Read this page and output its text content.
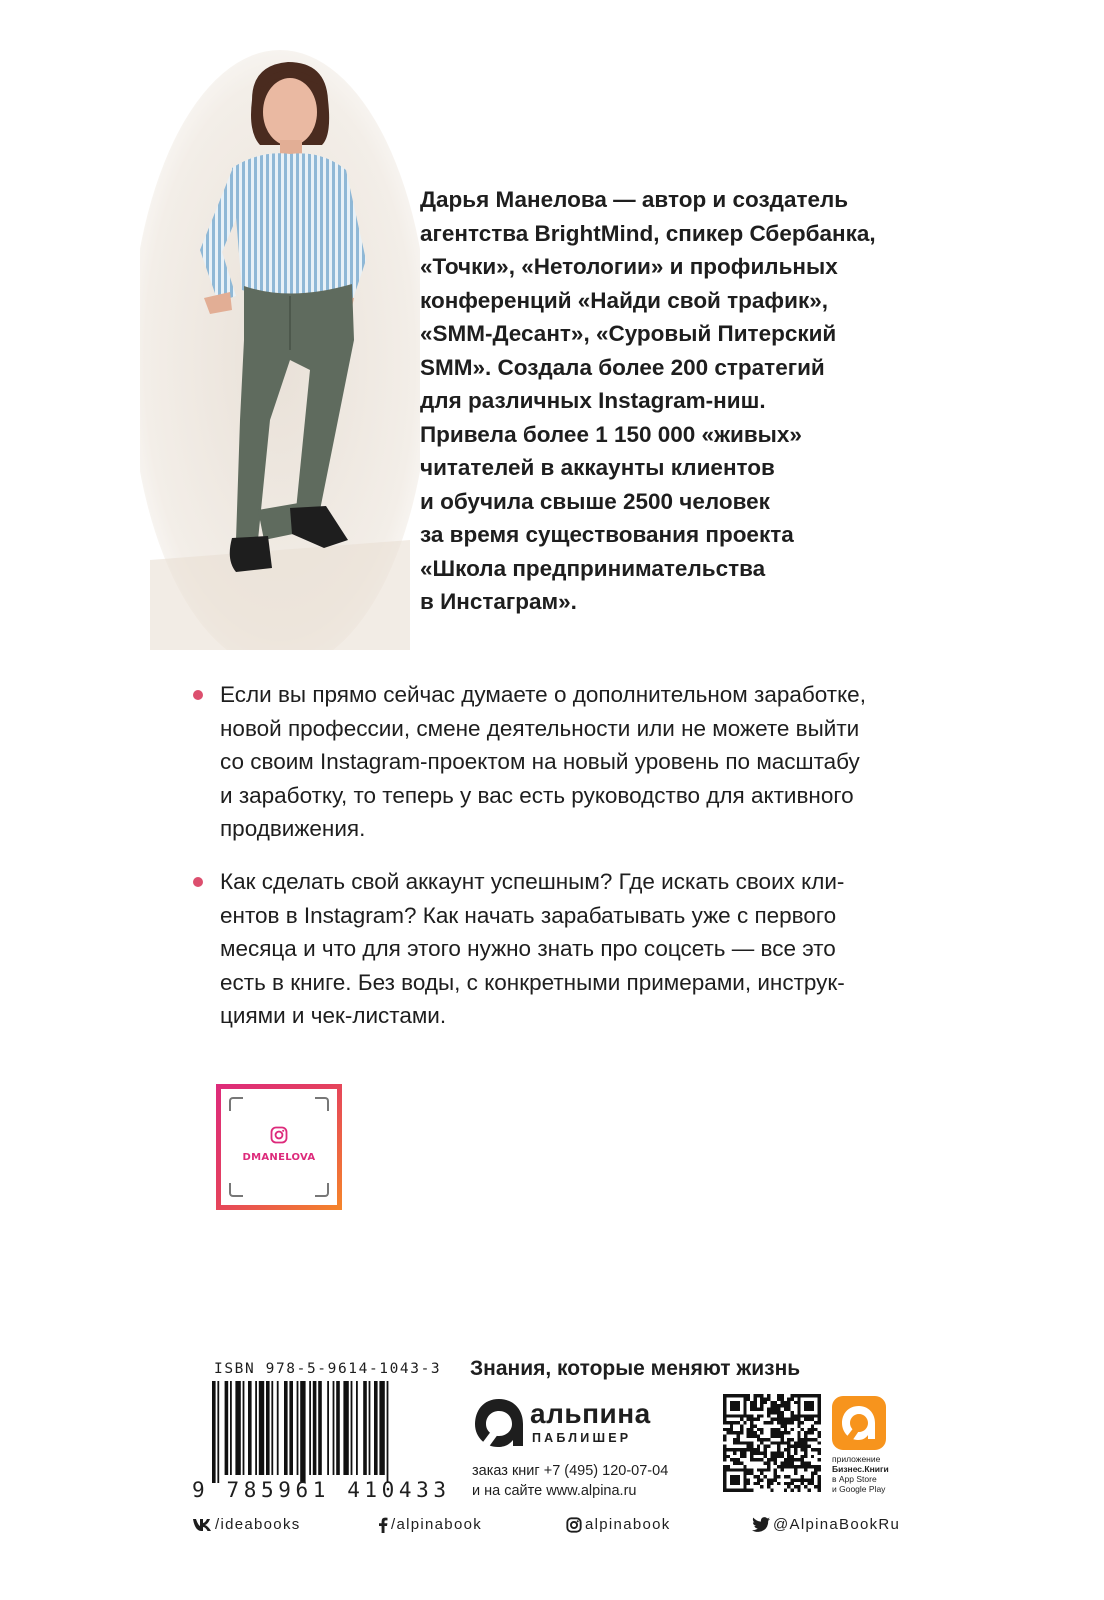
Дарья Манелова — автор и создатель
агентства BrightMind, спикер Сбербанка,
«Точки», «Нетологии» и профильных
конференций «Найди свой трафик»,
«SMM-Десант», «Суровый Питерский
SMM». Создала более 200 стратегий
для различных Instagram-ниш.
Привела более 1 150 000 «живых»
читателей в аккаунты клиентов
и обучила свыше 2500 человек
за время существования проекта
«Школа предпринимательства
в Инстаграм».

Если вы прямо сейчас думаете о дополнительном заработке,
новой профессии, смене деятельности или не можете выйти
со своим Instagram-проектом на новый уровень по масштабу
и заработку, то теперь у вас есть руководство для активного
продвижения.

Как сделать свой аккаунт успешным? Где искать своих кли-
ентов в Instagram? Как начать зарабатывать уже с первого
месяца и что для этого нужно знать про соцсеть — все это
есть в книге. Без воды, с конкретными примерами, инструк-
циями и чек-листами.

DMANELOVA
ISBN 978-5-9614-1043-3
9 785961 410433
Знания, которые меняют жизнь
альпина
ПАБЛИШЕР
заказ книг +7 (495) 120-07-04
и на сайте www.alpina.ru
приложение
Бизнес.Книги
в App Store
и Google Play
/ideabooks	/alpinabook	alpinabook	@AlpinaBookRu
